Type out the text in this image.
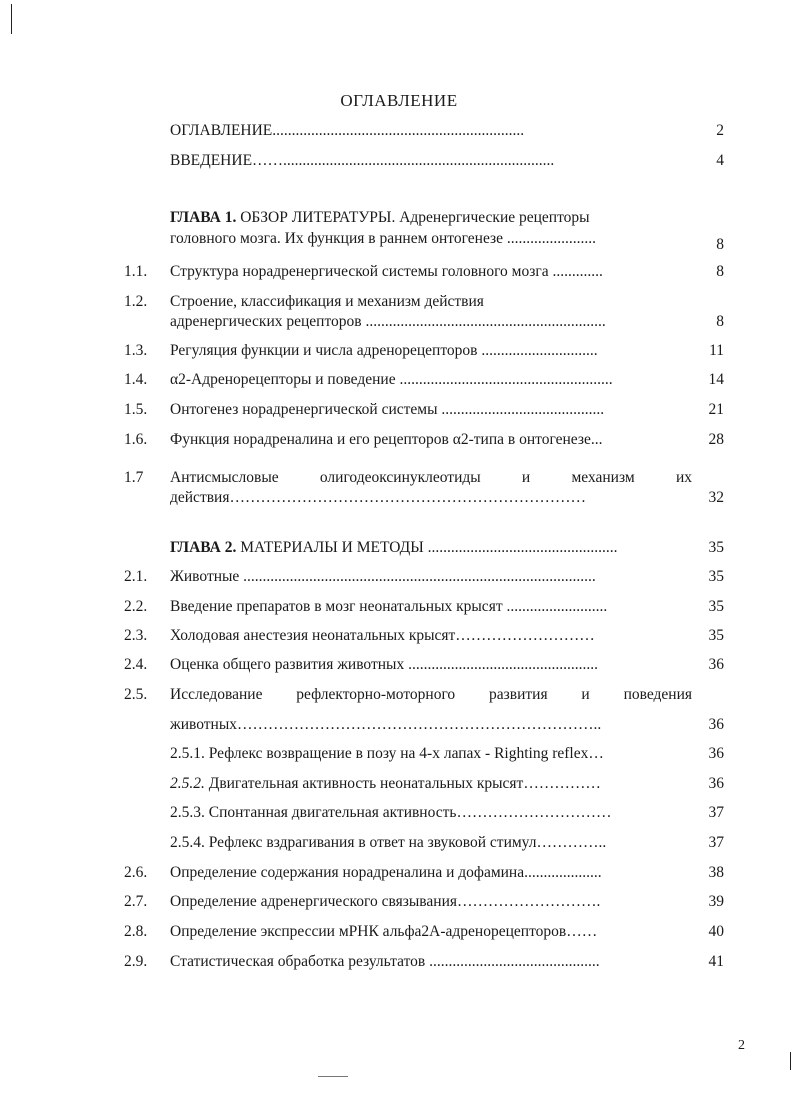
ОГЛАВЛЕНИЕ
ОГЛАВЛЕНИЕ.................................................................	2
ВВЕДЕНИЕ……......................................................................	4
ГЛАВА 1. ОБЗОР ЛИТЕРАТУРЫ. Адренергические рецепторы
головного мозга. Их функция в раннем онтогенезе .......................	8
1.1. Структура норадренергической системы головного мозга .............	8
1.2. Строение, классификация и механизм действия
адренергических рецепторов ..............................................................	8
1.3. Регуляция функции и числа адренорецепторов ..............................	11
1.4. α2-Адренорецепторы и поведение .......................................................	14
1.5. Онтогенез норадренергической системы ..........................................	21
1.6. Функция норадреналина и его рецепторов α2-типа в онтогенезе...	28
1.7 Антисмысловые олигодеоксинуклеотиды и механизм их
действия……………………………………………………………	32
ГЛАВА 2. МАТЕРИАЛЫ И МЕТОДЫ .................................................	35
2.1. Животные ...........................................................................................	35
2.2. Введение препаратов в мозг неонатальных крысят ..........................	35
2.3. Холодовая анестезия неонатальных крысят………………………	35
2.4. Оценка общего развития животных .................................................	36
2.5. Исследование рефлекторно-моторного развития и поведения
животных……………………………………………………………..	36
2.5.1. Рефлекс возвращение в позу на 4-х лапах - Righting reflex…	36
2.5.2. Двигательная активность неонатальных крысят……………	36
2.5.3. Спонтанная двигательная активность…………………………	37
2.5.4. Рефлекс вздрагивания в ответ на звуковой стимул…………..	37
2.6. Определение содержания норадреналина и дофамина....................	38
2.7. Определение адренергического связывания……………………….	39
2.8. Определение экспрессии мРНК альфа2А-адренорецепторов……	40
2.9. Статистическая обработка результатов ............................................	41
2
